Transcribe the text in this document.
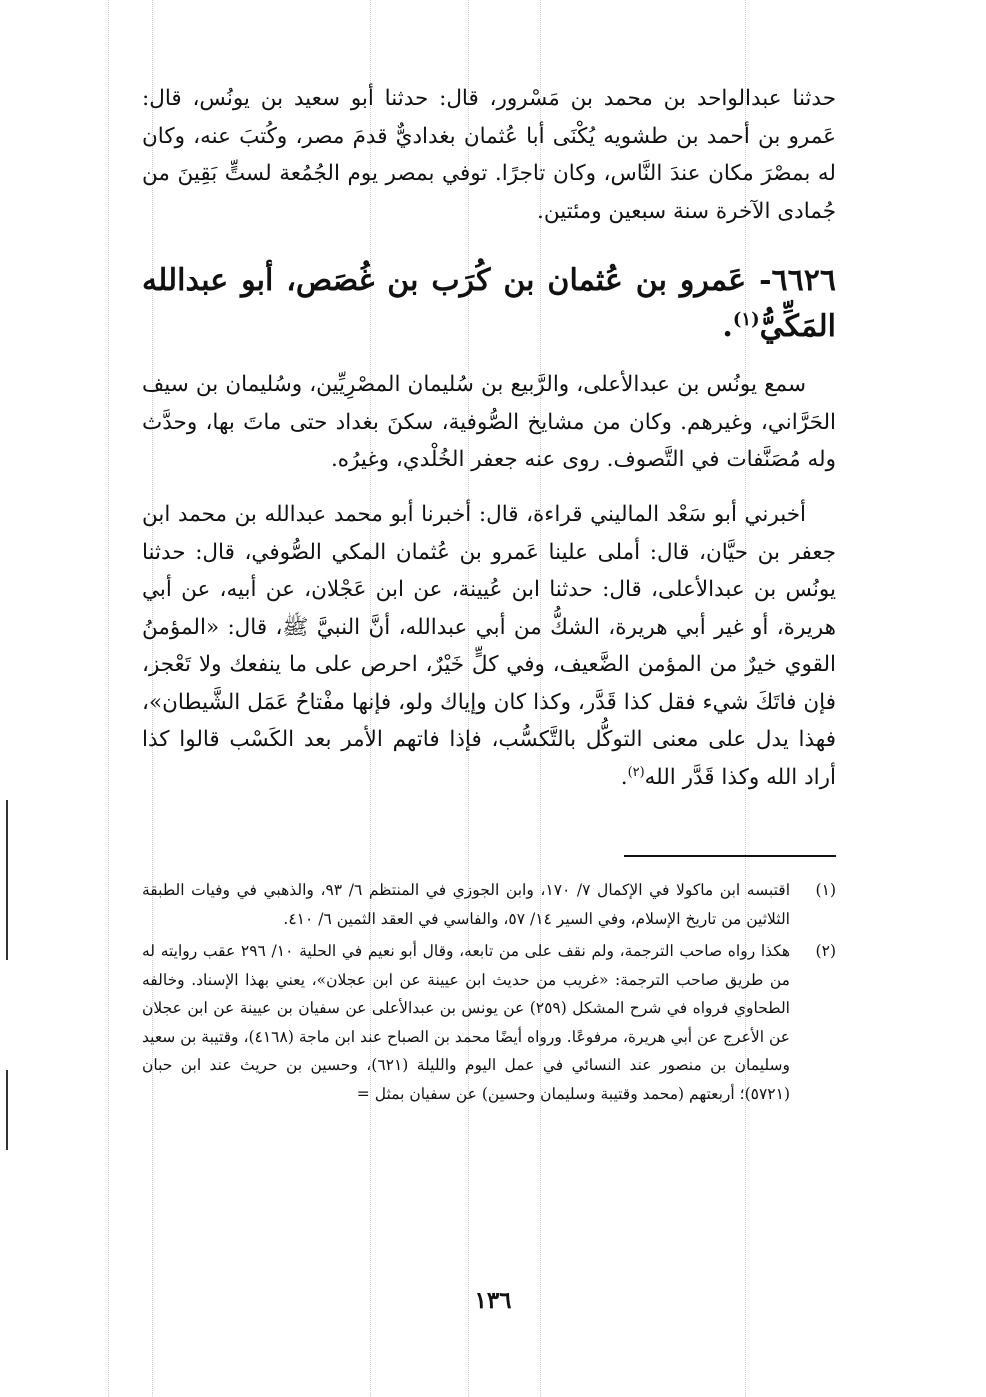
حدثنا عبدالواحد بن محمد بن مَسْرور، قال: حدثنا أبو سعيد بن يونُس، قال: عَمرو بن أحمد بن طشويه يُكْنَى أبا عُثمان بغداديٌّ قدمَ مصر، وكُتبَ عنه، وكان له بمصْرَ مكان عندَ النَّاس، وكان تاجرًا. توفي بمصر يوم الجُمُعة لستٍّ بَقِينَ من جُمادى الآخرة سنة سبعين ومئتين.

٦٦٢٦- عَمرو بن عُثمان بن كُرَب بن غُصَص، أبو عبدالله المَكِّيُّ$^{(١)}$.

سمع يونُس بن عبدالأعلى، والرَّبيع بن سُليمان المصْرِيِّين، وسُليمان بن سيف الحَرَّاني، وغيرهم. وكان من مشايخ الصُّوفية، سكنَ بغداد حتى ماتَ بها، وحدَّث وله مُصَنَّفات في التَّصوف. روى عنه جعفر الخُلْدي، وغيرُه.

أخبرني أبو سَعْد الماليني قراءة، قال: أخبرنا أبو محمد عبدالله بن محمد ابن جعفر بن حيَّان، قال: أملى علينا عَمرو بن عُثمان المكي الصُّوفي، قال: حدثنا يونُس بن عبدالأعلى، قال: حدثنا ابن عُيينة، عن ابن عَجْلان، عن أبيه، عن أبي هريرة، أو غير أبي هريرة، الشكُّ من أبي عبدالله، أنَّ النبيَّ ﷺ، قال: «المؤمنُ القوي خيرٌ من المؤمن الضَّعيف، وفي كلٍّ خَيْرٌ، احرص على ما ينفعك ولا تَعْجز، فإن فاتَكَ شيء فقل كذا قَدَّر، وكذا كان وإياك ولو، فإنها مفْتاحُ عَمَل الشَّيطان»، فهذا يدل على معنى التوكُّل بالتَّكسُّب، فإذا فاتهم الأمر بعد الكَسْب قالوا كذا أراد الله وكذا قَدَّر الله$^{(٢)}$.

(١)
اقتبسه ابن ماكولا في الإكمال ٧/ ١٧٠، وابن الجوزي في المنتظم ٦/ ٩٣، والذهبي في وفيات الطبقة الثلاثين من تاريخ الإسلام، وفي السير ١٤/ ٥٧، والفاسي في العقد الثمين ٦/ ٤١٠.
(٢)
هكذا رواه صاحب الترجمة، ولم نقف على من تابعه، وقال أبو نعيم في الحلية ١٠/ ٢٩٦ عقب روايته له من طريق صاحب الترجمة: «غريب من حديث ابن عيينة عن ابن عجلان»، يعني بهذا الإسناد. وخالفه الطحاوي فرواه في شرح المشكل (٢٥٩) عن يونس بن عبدالأعلى عن سفيان بن عيينة عن ابن عجلان عن الأعرج عن أبي هريرة، مرفوعًا. ورواه أيضًا محمد بن الصباح عند ابن ماجة (٤١٦٨)، وقتيبة بن سعيد وسليمان بن منصور عند النسائي في عمل اليوم والليلة (٦٢١)، وحسين بن حريث عند ابن حبان (٥٧٢١)؛ أربعتهم (محمد وقتيبة وسليمان وحسين) عن سفيان بمثل =
١٣٦
